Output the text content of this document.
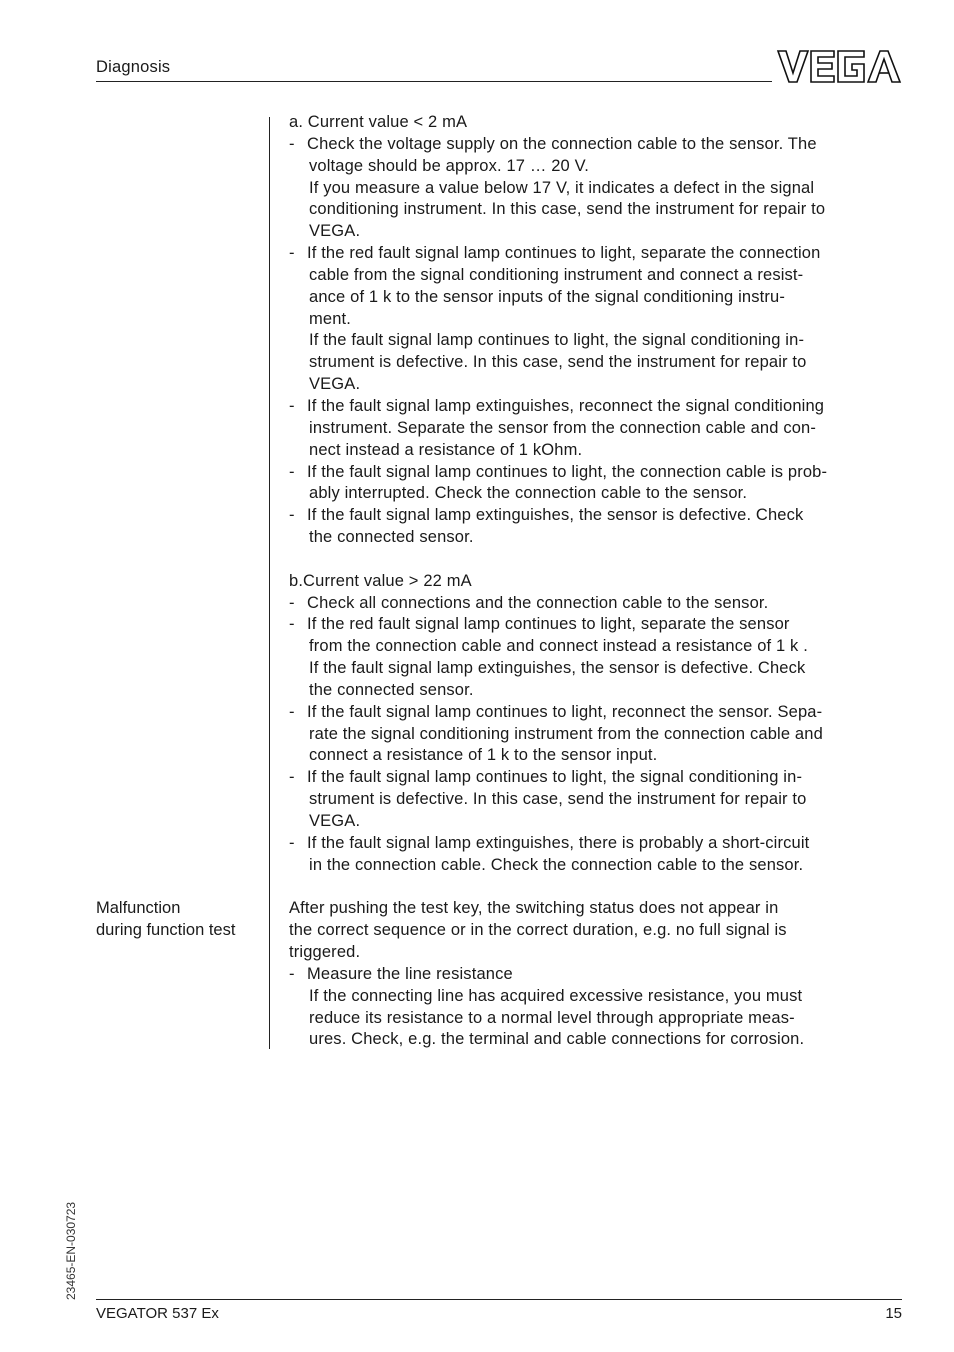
Diagnosis
Malfunction
during function test
a. Current value < 2 mA
- Check the voltage supply on the connection cable to the sensor. The
voltage should be approx. 17 … 20 V.
If you measure a value below 17 V, it indicates a defect in the signal
conditioning instrument. In this case, send the instrument for repair to
VEGA.
- If the red fault signal lamp continues to light, separate the connection
cable from the signal conditioning instrument and connect a resist-
ance of 1 k to the sensor inputs of the signal conditioning instru-
ment.
If the fault signal lamp continues to light, the signal conditioning in-
strument is defective. In this case, send the instrument for repair to
VEGA.
- If the fault signal lamp extinguishes, reconnect the signal conditioning
instrument. Separate the sensor from the connection cable and con-
nect instead a resistance of 1 kOhm.
- If the fault signal lamp continues to light, the connection cable is prob-
ably interrupted. Check the connection cable to the sensor.
- If the fault signal lamp extinguishes, the sensor is defective. Check
the connected sensor.
b.Current value > 22 mA
- Check all connections and the connection cable to the sensor.
- If the red fault signal lamp continues to light, separate the sensor
from the connection cable and connect instead a resistance of 1 k .
If the fault signal lamp extinguishes, the sensor is defective. Check
the connected sensor.
- If the fault signal lamp continues to light, reconnect the sensor. Sepa-
rate the signal conditioning instrument from the connection cable and
connect a resistance of 1 k to the sensor input.
- If the fault signal lamp continues to light, the signal conditioning in-
strument is defective. In this case, send the instrument for repair to
VEGA.
- If the fault signal lamp extinguishes, there is probably a short-circuit
in the connection cable. Check the connection cable to the sensor.
After pushing the test key, the switching status does not appear in
the correct sequence or in the correct duration, e.g. no full signal is
triggered.
- Measure the line resistance
If the connecting line has acquired excessive resistance, you must
reduce its resistance to a normal level through appropriate meas-
ures. Check, e.g. the terminal and cable connections for corrosion.
23465-EN-030723
VEGATOR 537 Ex	15
